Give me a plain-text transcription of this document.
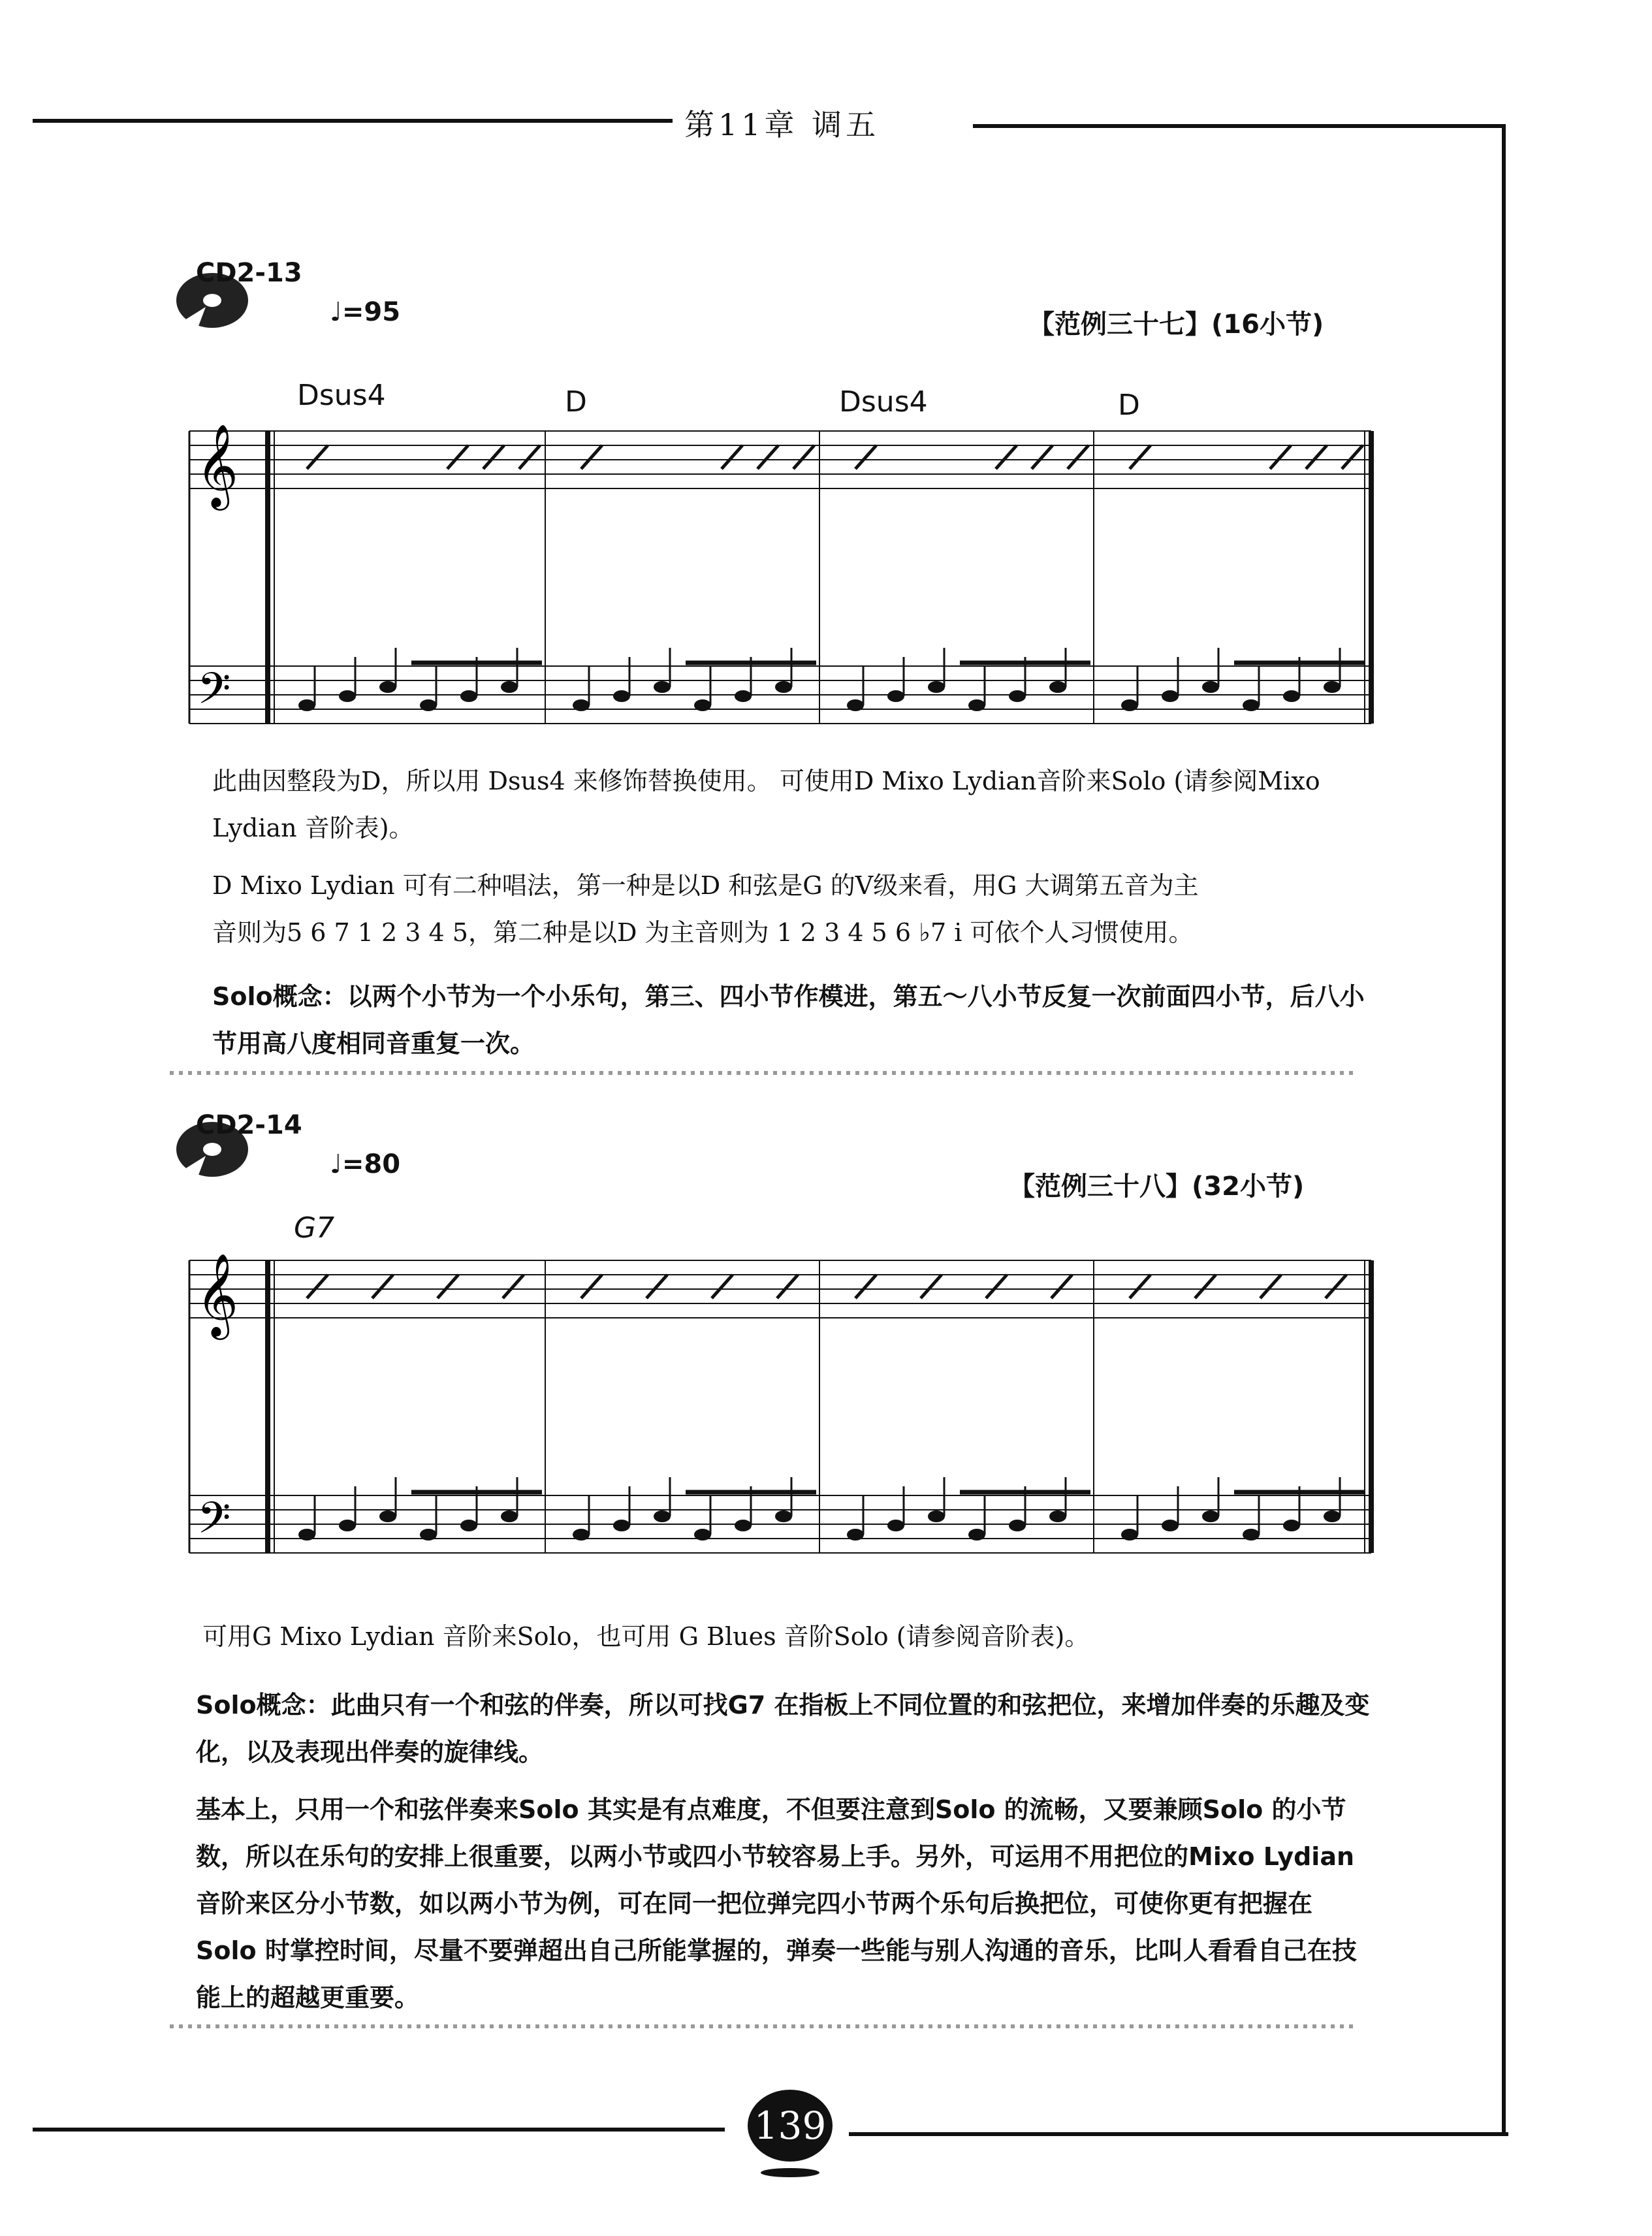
第11章 调五
CD2-13
♩=95	【范例三十七】(16小节)
Dsus4	D	Dsus4	D
𝄞
𝄢
此曲因整段为D，所以用 Dsus4 来修饰替换使用。 可使用D Mixo Lydian音阶来Solo (请参阅Mixo Lydian 音阶表)。
D Mixo Lydian 可有二种唱法，第一种是以D 和弦是G 的Ⅴ级来看，用G 大调第五音为主
音则为5 6 7 1 2 3 4 5，第二种是以D 为主音则为 1 2 3 4 5 6 ♭7 i 可依个人习惯使用。
Solo概念：以两个小节为一个小乐句，第三、四小节作模进，第五～八小节反复一次前面四小节，后八小节用高八度相同音重复一次。
CD2-14
♩=80
【范例三十八】(32小节)
G7
𝄞
𝄢
可用G Mixo Lydian 音阶来Solo，也可用 G Blues 音阶Solo (请参阅音阶表)。
Solo概念：此曲只有一个和弦的伴奏，所以可找G7 在指板上不同位置的和弦把位，来增加伴奏的乐趣及变化，以及表现出伴奏的旋律线。
基本上，只用一个和弦伴奏来Solo 其实是有点难度，不但要注意到Solo 的流畅，又要兼顾Solo 的小节数，所以在乐句的安排上很重要，以两小节或四小节较容易上手。另外，可运用不用把位的Mixo Lydian 音阶来区分小节数，如以两小节为例，可在同一把位弹完四小节两个乐句后换把位，可使你更有把握在Solo 时掌控时间，尽量不要弹超出自己所能掌握的，弹奏一些能与别人沟通的音乐，比叫人看看自己在技能上的超越更重要。
139
